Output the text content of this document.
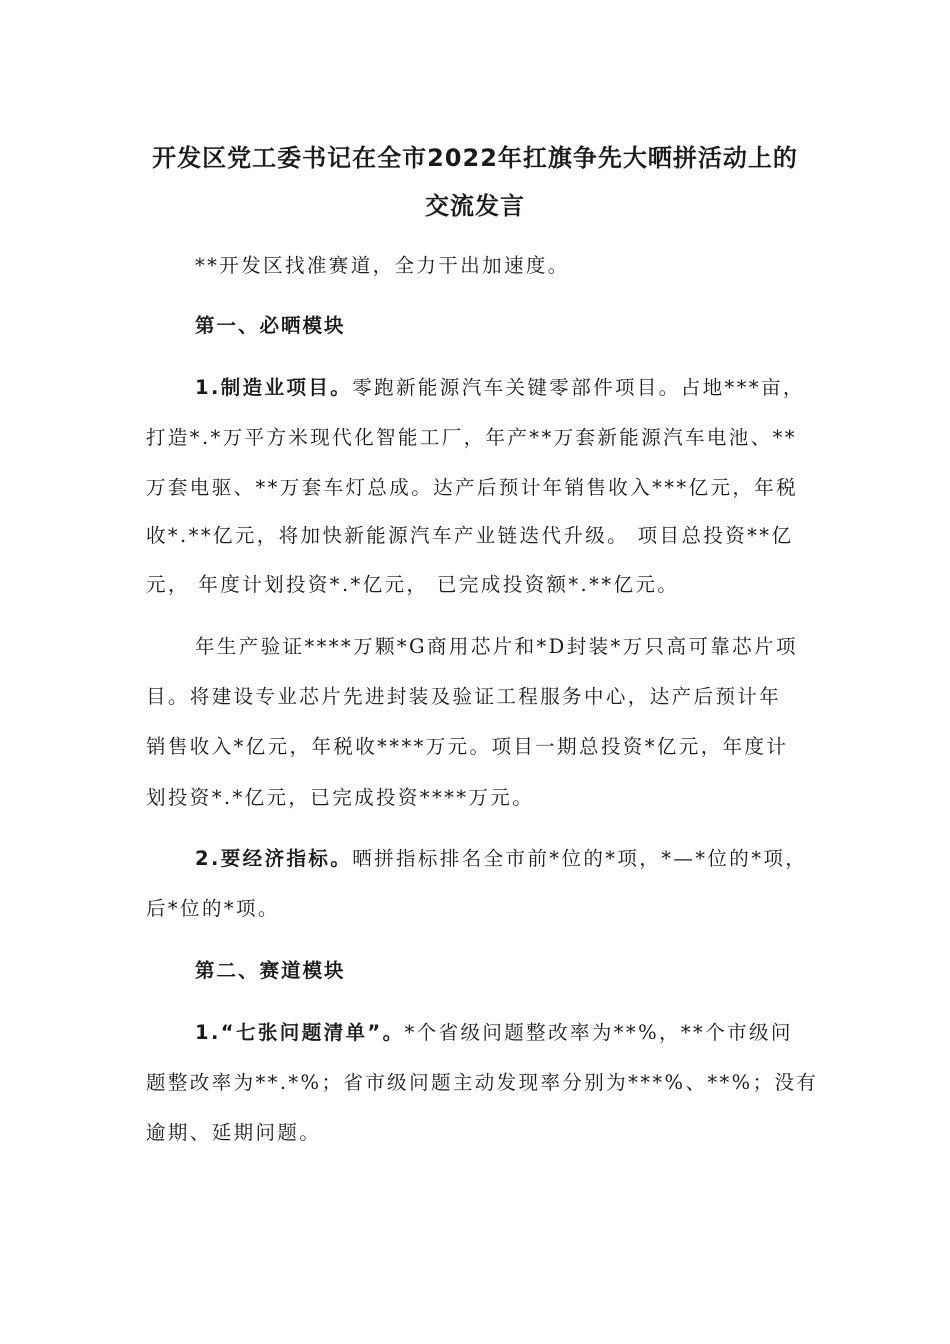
开发区党工委书记在全市2022年扛旗争先大晒拼活动上的
交流发言
**开发区找准赛道，全力干出加速度。
第一、必晒模块
1.制造业项目。零跑新能源汽车关键零部件项目。占地***亩，
打造*.*万平方米现代化智能工厂，年产**万套新能源汽车电池、**
万套电驱、**万套车灯总成。达产后预计年销售收入***亿元，年税
收*.**亿元，将加快新能源汽车产业链迭代升级。 项目总投资**亿
元， 年度计划投资*.*亿元， 已完成投资额*.**亿元。
年生产验证****万颗*G商用芯片和*D封装*万只高可靠芯片项
目。将建设专业芯片先进封装及验证工程服务中心，达产后预计年
销售收入*亿元，年税收****万元。项目一期总投资*亿元，年度计
划投资*.*亿元，已完成投资****万元。
2.要经济指标。晒拼指标排名全市前*位的*项，*—*位的*项，
后*位的*项。
第二、赛道模块
1.“七张问题清单”。*个省级问题整改率为**%，**个市级问
题整改率为**.*%；省市级问题主动发现率分别为***%、**%；没有
逾期、延期问题。
